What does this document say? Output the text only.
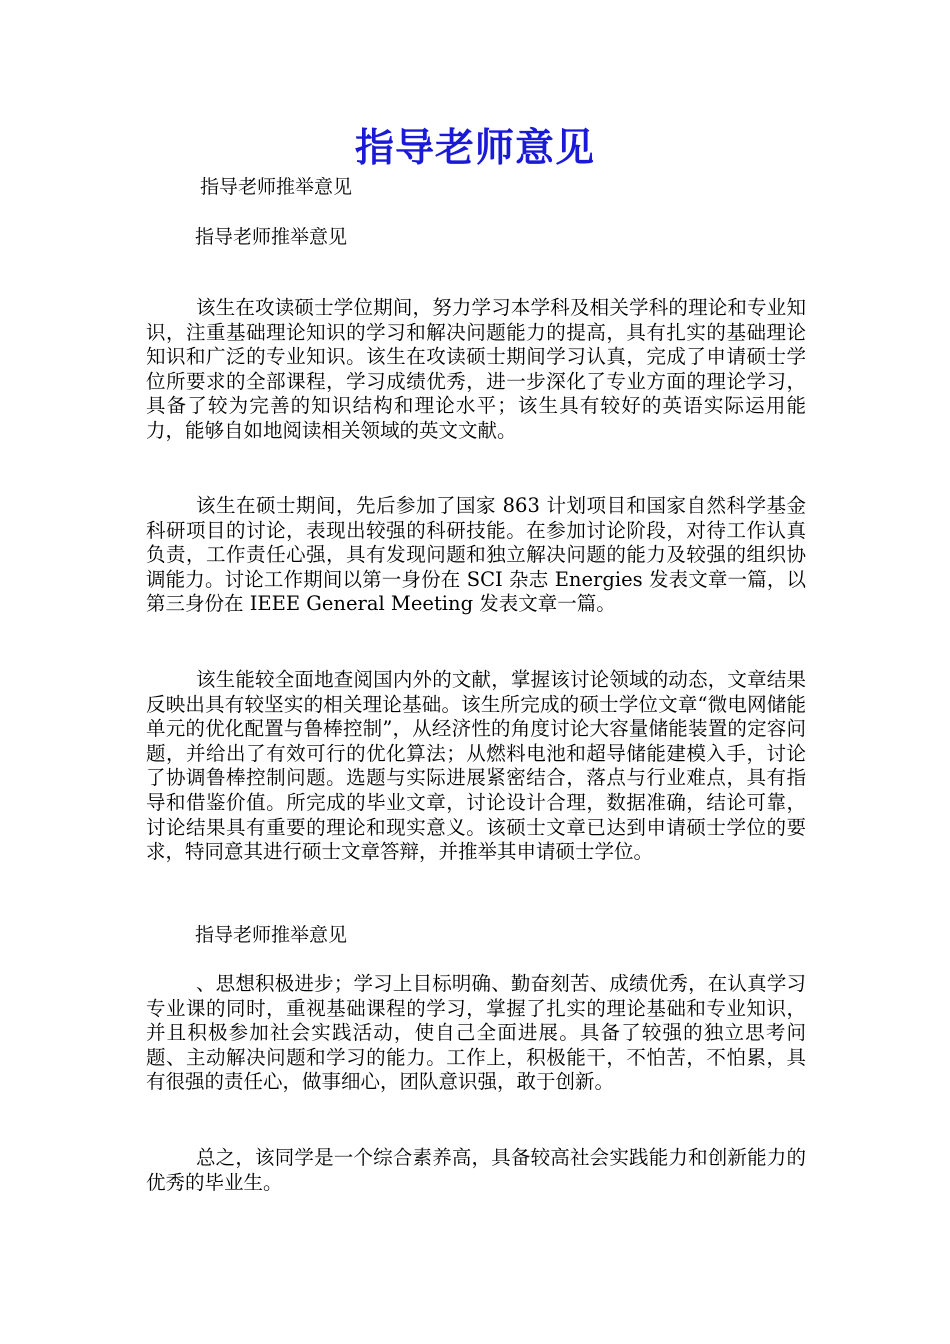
指导老师意见
指导老师推举意见
指导老师推举意见

该生在攻读硕士学位期间，努力学习本学科及相关学科的理论和专业知识，注重基础理论知识的学习和解决问题能力的提高，具有扎实的基础理论知识和广泛的专业知识。该生在攻读硕士期间学习认真，完成了申请硕士学位所要求的全部课程，学习成绩优秀，进一步深化了专业方面的理论学习，具备了较为完善的知识结构和理论水平；该生具有较好的英语实际运用能力，能够自如地阅读相关领域的英文文献。

该生在硕士期间，先后参加了国家 863 计划项目和国家自然科学基金科研项目的讨论，表现出较强的科研技能。在参加讨论阶段，对待工作认真负责，工作责任心强，具有发现问题和独立解决问题的能力及较强的组织协调能力。讨论工作期间以第一身份在 SCI 杂志 Energies 发表文章一篇，以第三身份在 IEEE General Meeting 发表文章一篇。

该生能较全面地查阅国内外的文献，掌握该讨论领域的动态，文章结果反映出具有较坚实的相关理论基础。该生所完成的硕士学位文章“微电网储能单元的优化配置与鲁棒控制”，从经济性的角度讨论大容量储能装置的定容问题，并给出了有效可行的优化算法；从燃料电池和超导储能建模入手，讨论了协调鲁棒控制问题。选题与实际进展紧密结合，落点与行业难点，具有指导和借鉴价值。所完成的毕业文章，讨论设计合理，数据准确，结论可靠，讨论结果具有重要的理论和现实意义。该硕士文章已达到申请硕士学位的要求，特同意其进行硕士文章答辩，并推举其申请硕士学位。

指导老师推举意见

、思想积极进步；学习上目标明确、勤奋刻苦、成绩优秀，在认真学习专业课的同时，重视基础课程的学习，掌握了扎实的理论基础和专业知识，并且积极参加社会实践活动，使自己全面进展。具备了较强的独立思考问题、主动解决问题和学习的能力。工作上，积极能干，不怕苦，不怕累，具有很强的责任心，做事细心，团队意识强，敢于创新。

总之，该同学是一个综合素养高，具备较高社会实践能力和创新能力的优秀的毕业生。
